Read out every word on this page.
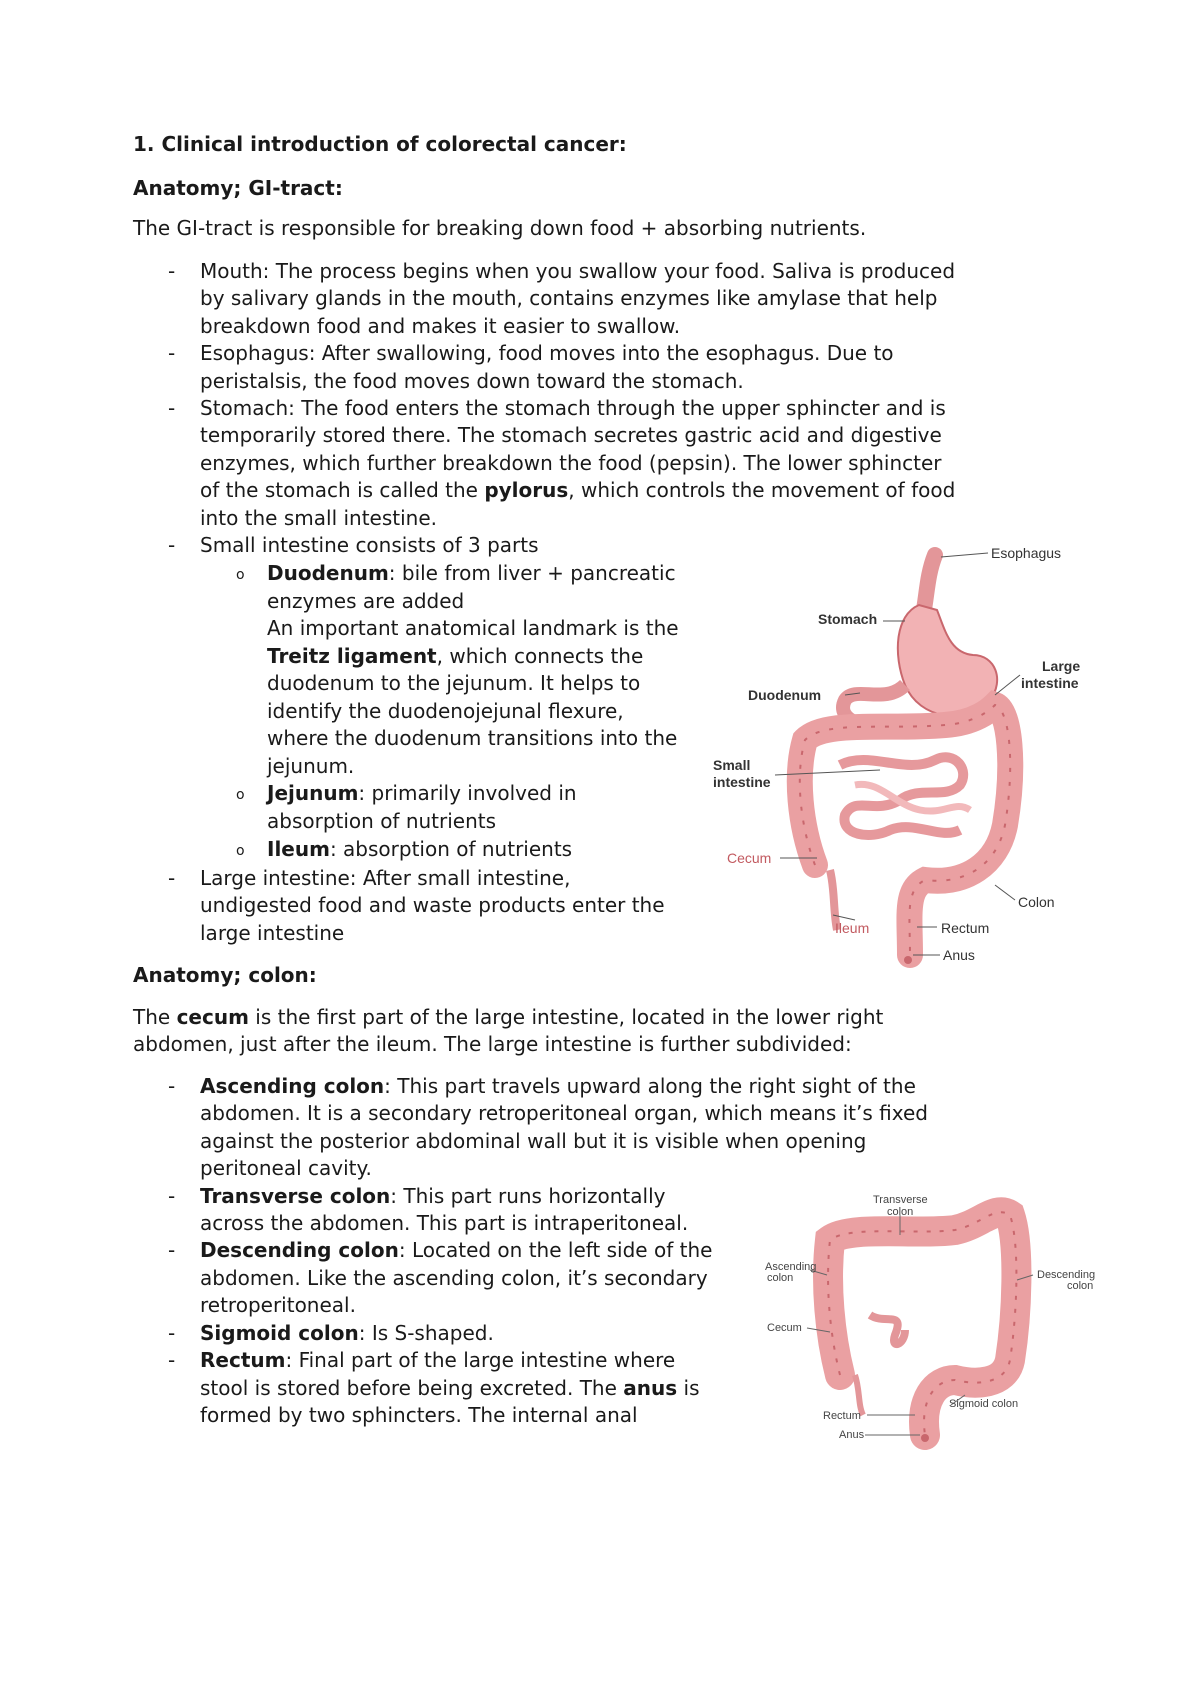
1. Clinical introduction of colorectal cancer:
Anatomy; GI-tract:
The GI-tract is responsible for breaking down food + absorbing nutrients.
- Mouth: The process begins when you swallow your food. Saliva is produced
by salivary glands in the mouth, contains enzymes like amylase that help
breakdown food and makes it easier to swallow.
- Esophagus: After swallowing, food moves into the esophagus. Due to
peristalsis, the food moves down toward the stomach.
- Stomach: The food enters the stomach through the upper sphincter and is
temporarily stored there. The stomach secretes gastric acid and digestive
enzymes, which further breakdown the food (pepsin). The lower sphincter
of the stomach is called the pylorus, which controls the movement of food
into the small intestine.
- Small intestine consists of 3 parts
o Duodenum: bile from liver + pancreatic
enzymes are added
An important anatomical landmark is the
Treitz ligament, which connects the
duodenum to the jejunum. It helps to
identify the duodenojejunal flexure,
where the duodenum transitions into the
jejunum.
o Jejunum: primarily involved in
absorption of nutrients
o Ileum: absorption of nutrients
- Large intestine: After small intestine,
undigested food and waste products enter the
large intestine
Anatomy; colon:
The cecum is the first part of the large intestine, located in the lower right
abdomen, just after the ileum. The large intestine is further subdivided:
- Ascending colon: This part travels upward along the right sight of the
abdomen. It is a secondary retroperitoneal organ, which means it’s fixed
against the posterior abdominal wall but it is visible when opening
peritoneal cavity.
- Transverse colon: This part runs horizontally
across the abdomen. This part is intraperitoneal.
- Descending colon: Located on the left side of the
abdomen. Like the ascending colon, it’s secondary
retroperitoneal.
- Sigmoid colon: Is S-shaped.
- Rectum: Final part of the large intestine where
stool is stored before being excreted. The anus is
formed by two sphincters. The internal anal
Esophagus
Stomach
Large
intestine
Duodenum
Small
intestine
Cecum
Colon
Ileum	Rectum
Anus
Transverse
colon
Ascending
colon	Descending
colon
Cecum
Sigmoid colon
Rectum
Anus
